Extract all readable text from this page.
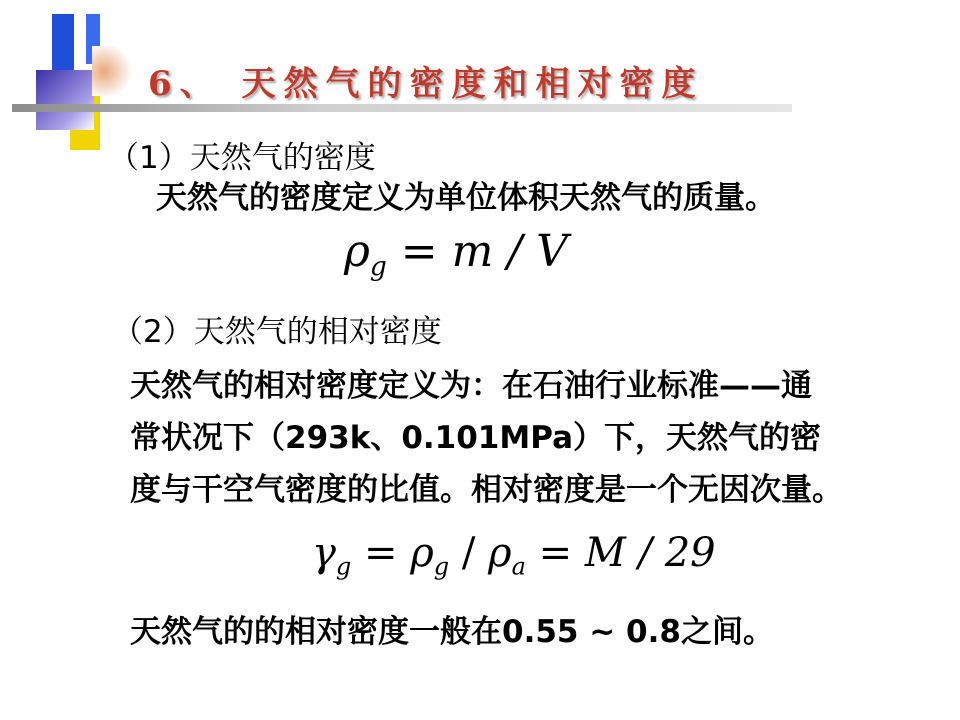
6、 天然气的密度和相对密度
（1）天然气的密度
天然气的密度定义为单位体积天然气的质量。
$\rho_g = m / V$
（2）天然气的相对密度
天然气的相对密度定义为：在石油行业标准——通
常状况下（293k、0.101MPa）下，天然气的密
度与干空气密度的比值。相对密度是一个无因次量。
$\gamma_g = \rho_g / \rho_a = M / 29$
天然气的的相对密度一般在0.55 ~ 0.8之间。
